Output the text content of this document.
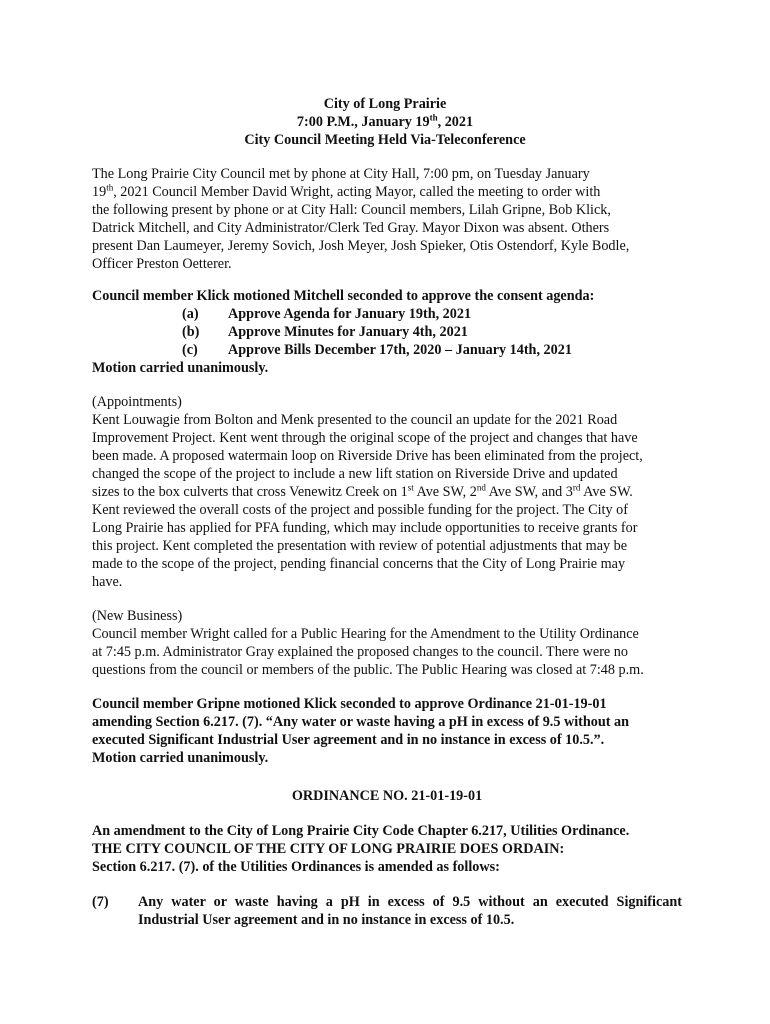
City of Long Prairie
7:00 P.M., January 19th, 2021
City Council Meeting Held Via-Teleconference
The Long Prairie City Council met by phone at City Hall, 7:00 pm, on Tuesday January
19th, 2021 Council Member David Wright, acting Mayor, called the meeting to order with
the following present by phone or at City Hall: Council members, Lilah Gripne, Bob Klick,
Datrick Mitchell, and City Administrator/Clerk Ted Gray. Mayor Dixon was absent. Others
present Dan Laumeyer, Jeremy Sovich, Josh Meyer, Josh Spieker, Otis Ostendorf, Kyle Bodle,
Officer Preston Oetterer.
Council member Klick motioned Mitchell seconded to approve the consent agenda:
(a) Approve Agenda for January 19th, 2021
(b) Approve Minutes for January 4th, 2021
(c) Approve Bills December 17th, 2020 – January 14th, 2021
Motion carried unanimously.
(Appointments)
Kent Louwagie from Bolton and Menk presented to the council an update for the 2021 Road
Improvement Project. Kent went through the original scope of the project and changes that have
been made. A proposed watermain loop on Riverside Drive has been eliminated from the project,
changed the scope of the project to include a new lift station on Riverside Drive and updated
sizes to the box culverts that cross Venewitz Creek on 1st Ave SW, 2nd Ave SW, and 3rd Ave SW.
Kent reviewed the overall costs of the project and possible funding for the project. The City of
Long Prairie has applied for PFA funding, which may include opportunities to receive grants for
this project. Kent completed the presentation with review of potential adjustments that may be
made to the scope of the project, pending financial concerns that the City of Long Prairie may
have.
(New Business)
Council member Wright called for a Public Hearing for the Amendment to the Utility Ordinance
at 7:45 p.m. Administrator Gray explained the proposed changes to the council. There were no
questions from the council or members of the public. The Public Hearing was closed at 7:48 p.m.
Council member Gripne motioned Klick seconded to approve Ordinance 21-01-19-01
amending Section 6.217. (7). “Any water or waste having a pH in excess of 9.5 without an
executed Significant Industrial User agreement and in no instance in excess of 10.5.”.
Motion carried unanimously.
ORDINANCE NO. 21-01-19-01
An amendment to the City of Long Prairie City Code Chapter 6.217, Utilities Ordinance.
THE CITY COUNCIL OF THE CITY OF LONG PRAIRIE DOES ORDAIN:
Section 6.217. (7). of the Utilities Ordinances is amended as follows:
(7)	Any water or waste having a pH in excess of 9.5 without an executed Significant
Industrial User agreement and in no instance in excess of 10.5.
